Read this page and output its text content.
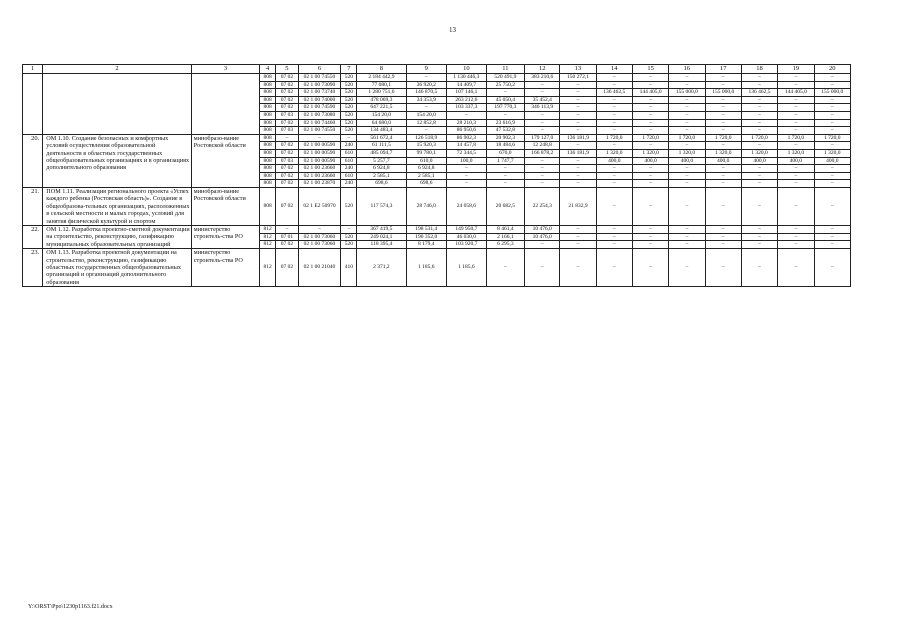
13
1	2	3	4	5	6	7	8	9	10	11	12	13	14	15	16	17	18	19	20
			808	07 02	02 1 00 74550	520	2 184 442,9	–	1 130 446,3	520 491,9	383 210,6	150 272,1	–	–	–	–	–	–	–
			808	07 02	02 1 00 73090	520	77 080,1	36 920,2	14 409,7	25 750,2	–	–	–	–	–	–	–	–	–
			808	07 02	02 1 00 73740	520	1 280 751,6	146 870,5	107 146,1	–	–	–	136 462,5	144 405,0	155 000,0	155 000,0	136 462,5	144 405,0	155 000,0
			808	07 02	02 1 00 74000	520	478 069,3	34 353,9	263 212,6	45 050,4	35 452,4	–	–	–	–	–	–	–	–
			808	07 02	02 1 00 74590	520	647 221,5	–	103 337,3	197 770,3	346 113,9	–	–	–	–	–	–	–	–
			808	07 03	02 1 00 73080	520	154 20,0	154 20,0	–	–	–	–	–	–	–	–	–	–	–
			808	07 02	02 1 00 74460	520	64 680,0	12 852,8	28 210,3	23 616,9	–	–	–	–	–	–	–	–	–
			808	07 03	02 1 00 74550	520	134 483,4	–	86 950,6	47 532,8	–	–	–	–	–	–	–	–	–
20.	ОМ 1.10. Создание безопасных и комфортных условий осуществления образовательной деятельности в областных государственных общеобразовательных организациях и в организациях дополнительного образования	минобразо-вание Ростовской области	808	–	–	–	561 672,4	126 518,9	86 902,3	20 902,3	179 127,0	136 181,9	1 720,0	1 720,0	1 720,0	1 720,0	1 720,0	1 720,0	1 720,0
			808	07 02	02 1 00 00590	240	61 111,5	15 920,3	14 457,8	18 484,6	12 248,8	–	–	–	–	–	–	–	–
			808	07 02	02 1 00 00590	610	485 094,7	99 780,1	72 344,5	670,0	166 878,2	136 181,9	1 320,0	1 320,0	1 320,0	1 320,0	1 320,0	1 320,0	1 320,0
			808	07 03	02 1 00 00590	610	5 257,7	610,0	100,0	1 747,7	–	–	400,0	400,0	400,0	400,0	400,0	400,0	400,0
			808	07 02	02 1 00 23660	240	6 924,8	6 924,8	–	–	–	–	–	–	–	–	–	–	–
			808	07 02	02 1 00 23660	610	2 585,1	2 585,1	–	–	–	–	–	–	–	–	–	–	–
			808	07 02	02 1 00 23870	240	698,6	698,6	–	–	–	–	–	–	–	–	–	–	–
21.	ПОМ 1.11. Реализация регионального проекта «Успех каждого ребенка (Ростовская область)». Создание в общеобразова-тельных организациях, расположенных в сельской местности и малых городах, условий для занятия физической культурой и спортом	минобразо-вание Ростовской области	808	07 02	02 1 E2 50970	520	117 574,3	28 746,0	24 058,6	20 682,5	22 254,3	21 832,9	–	–	–	–	–	–	–
22.	ОМ 1.12. Разработка проектно-сметной документации на строительство, реконструкцию, газификацию муниципальных образовательных организаций	министерство строитель-ства РО	812	–	–	–	367 419,5	198 531,4	149 950,7	8 461,4	10 476,0	–	–	–	–	–	–	–	–
			812	07 01	02 1 00 73060	520	249 024,1	190 352,0	46 030,0	2 166,1	10 476,0	–	–	–	–	–	–	–	–
			812	07 02	02 1 00 73060	520	118 395,4	8 179,4	103 920,7	6 295,3	–	–	–	–	–	–	–	–	–
23.	ОМ 1.13. Разработка проектной документации на строительство, реконструкцию, газификацию областных государственных общеобразовательных организаций и организаций дополнительного образования	министерство строитель-ства РО	812	07 02	02 1 00 21040	410	2 371,2	1 185,6	1 185,6	–	–	–	–	–	–	–	–	–	–
Y:\ORST\Ppo\1230p1163.f21.docx
